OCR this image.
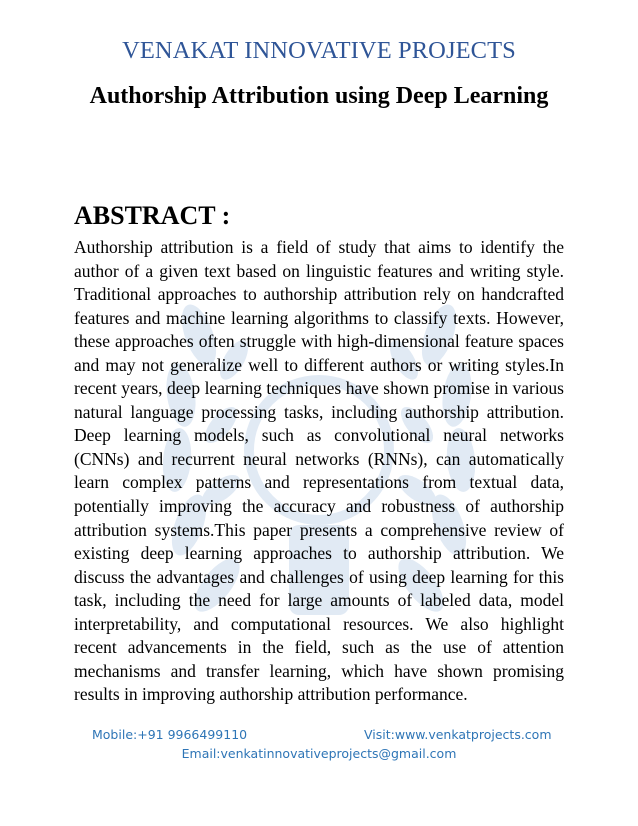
VENAKAT INNOVATIVE PROJECTS
Authorship Attribution using Deep Learning
ABSTRACT :

Authorship attribution is a field of study that aims to identify the author of a given text based on linguistic features and writing style. Traditional approaches to authorship attribution rely on handcrafted features and machine learning algorithms to classify texts. However, these approaches often struggle with high-dimensional feature spaces and may not generalize well to different authors or writing styles.In recent years, deep learning techniques have shown promise in various natural language processing tasks, including authorship attribution. Deep learning models, such as convolutional neural networks (CNNs) and recurrent neural networks (RNNs), can automatically learn complex patterns and representations from textual data, potentially improving the accuracy and robustness of authorship attribution systems.This paper presents a comprehensive review of existing deep learning approaches to authorship attribution. We discuss the advantages and challenges of using deep learning for this task, including the need for large amounts of labeled data, model interpretability, and computational resources. We also highlight recent advancements in the field, such as the use of attention mechanisms and transfer learning, which have shown promising results in improving authorship attribution performance.

Mobile:+91 9966499110	Visit:www.venkatprojects.com
Email:venkatinnovativeprojects@gmail.com
